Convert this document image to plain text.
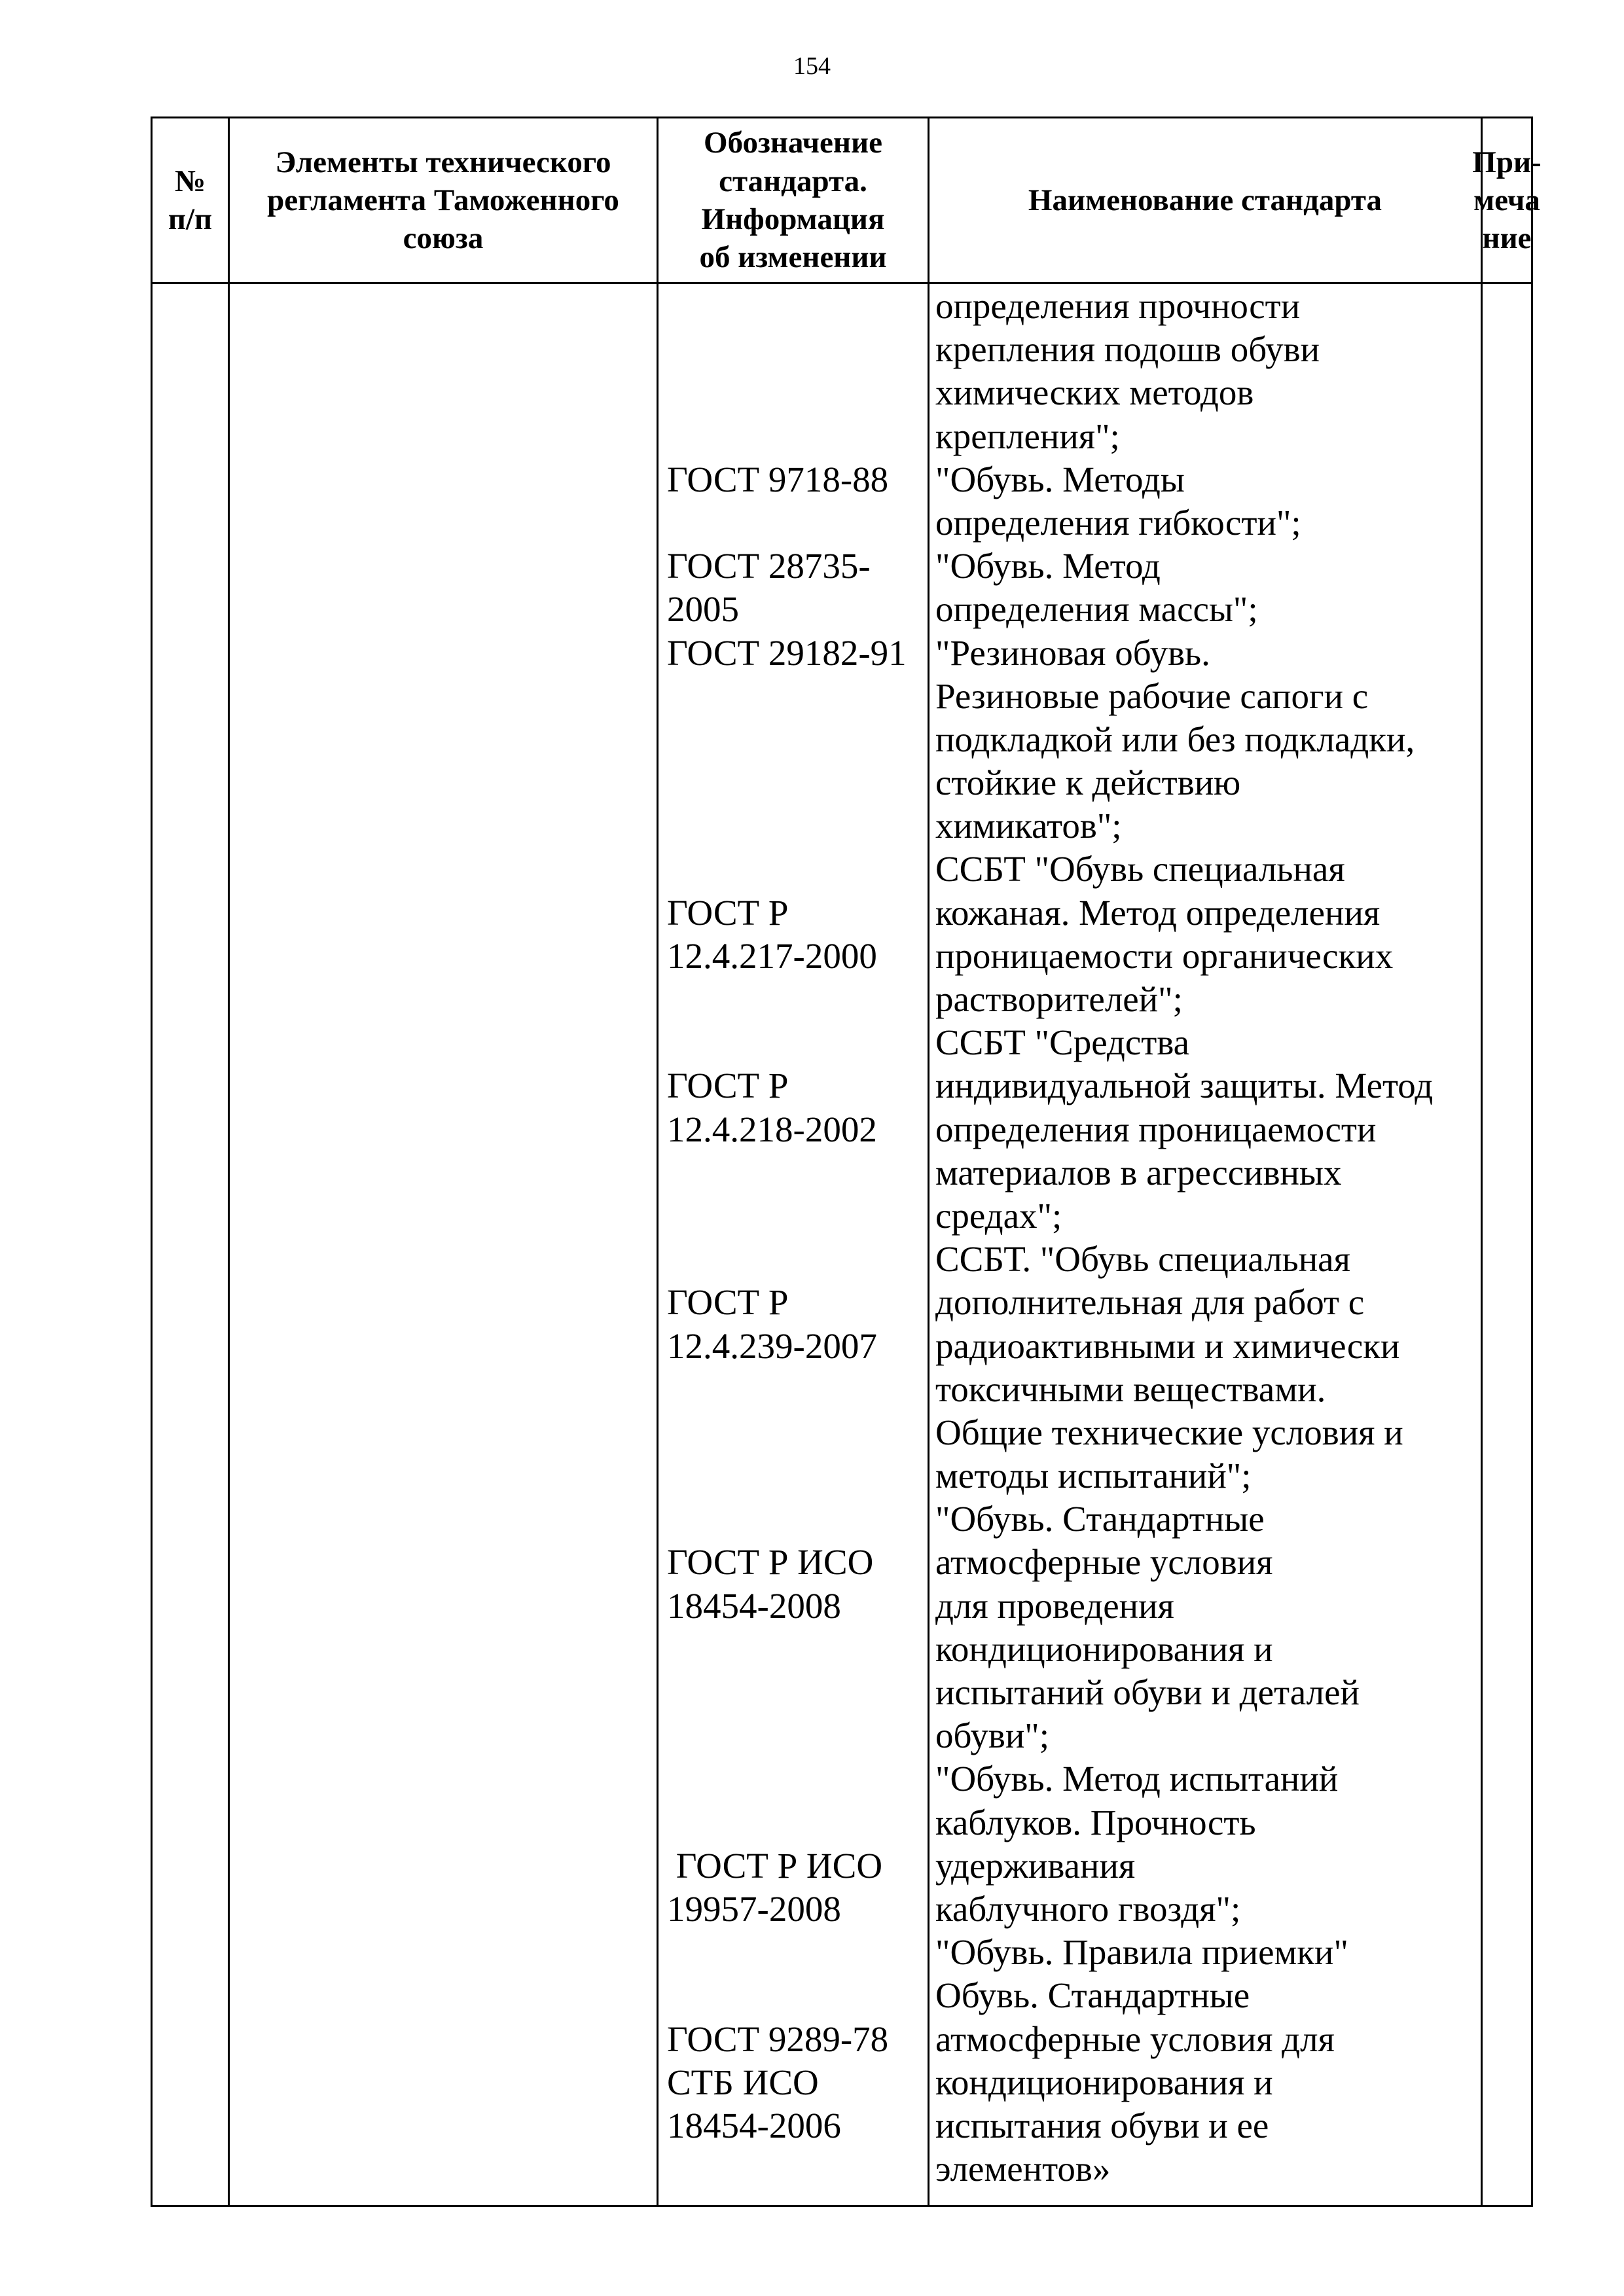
154
№
п/п
Элементы технического
регламента Таможенного
союза
Обозначение
стандарта.
Информация
об изменении
Наименование стандарта
При-
меча
ние
ГОСТ 9718-88
ГОСТ 28735-
2005
ГОСТ 29182-91
ГОСТ Р
12.4.217-2000
ГОСТ Р
12.4.218-2002
ГОСТ Р
12.4.239-2007
ГОСТ Р ИСО
18454-2008
ГОСТ Р ИСО
19957-2008
ГОСТ 9289-78
СТБ ИСО
18454-2006
определения прочности
крепления подошв обуви
химических методов
крепления";
"Обувь. Методы
определения гибкости";
"Обувь. Метод
определения массы";
"Резиновая обувь.
Резиновые рабочие сапоги с
подкладкой или без подкладки,
стойкие к действию
химикатов";
ССБТ "Обувь специальная
кожаная. Метод определения
проницаемости органических
растворителей";
ССБТ "Средства
индивидуальной защиты. Метод
определения проницаемости
материалов в агрессивных
средах";
ССБТ. "Обувь специальная
дополнительная для работ с
радиоактивными и химически
токсичными веществами.
Общие технические условия и
методы испытаний";
"Обувь. Стандартные
атмосферные условия
для проведения
кондиционирования и
испытаний обуви и деталей
обуви";
"Обувь. Метод испытаний
каблуков. Прочность
удерживания
каблучного гвоздя";
"Обувь. Правила приемки"
Обувь. Стандартные
атмосферные условия для
кондиционирования и
испытания обуви и ее
элементов»
